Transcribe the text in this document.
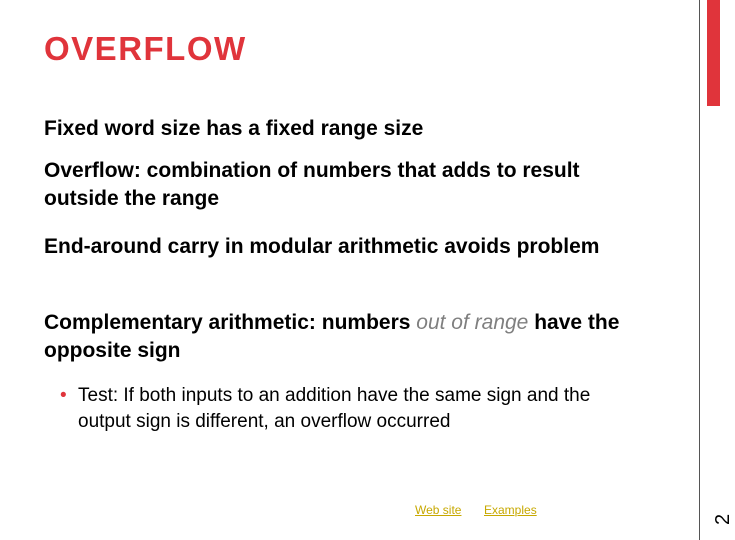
OVERFLOW

Fixed word size has a fixed range size

Overflow: combination of numbers that adds to result outside the range

End-around carry in modular arithmetic avoids problem

Complementary arithmetic: numbers out of range have the opposite sign

• Test: If both inputs to an addition have the same sign and the output sign is different, an overflow occurred

Web site Examples
2
